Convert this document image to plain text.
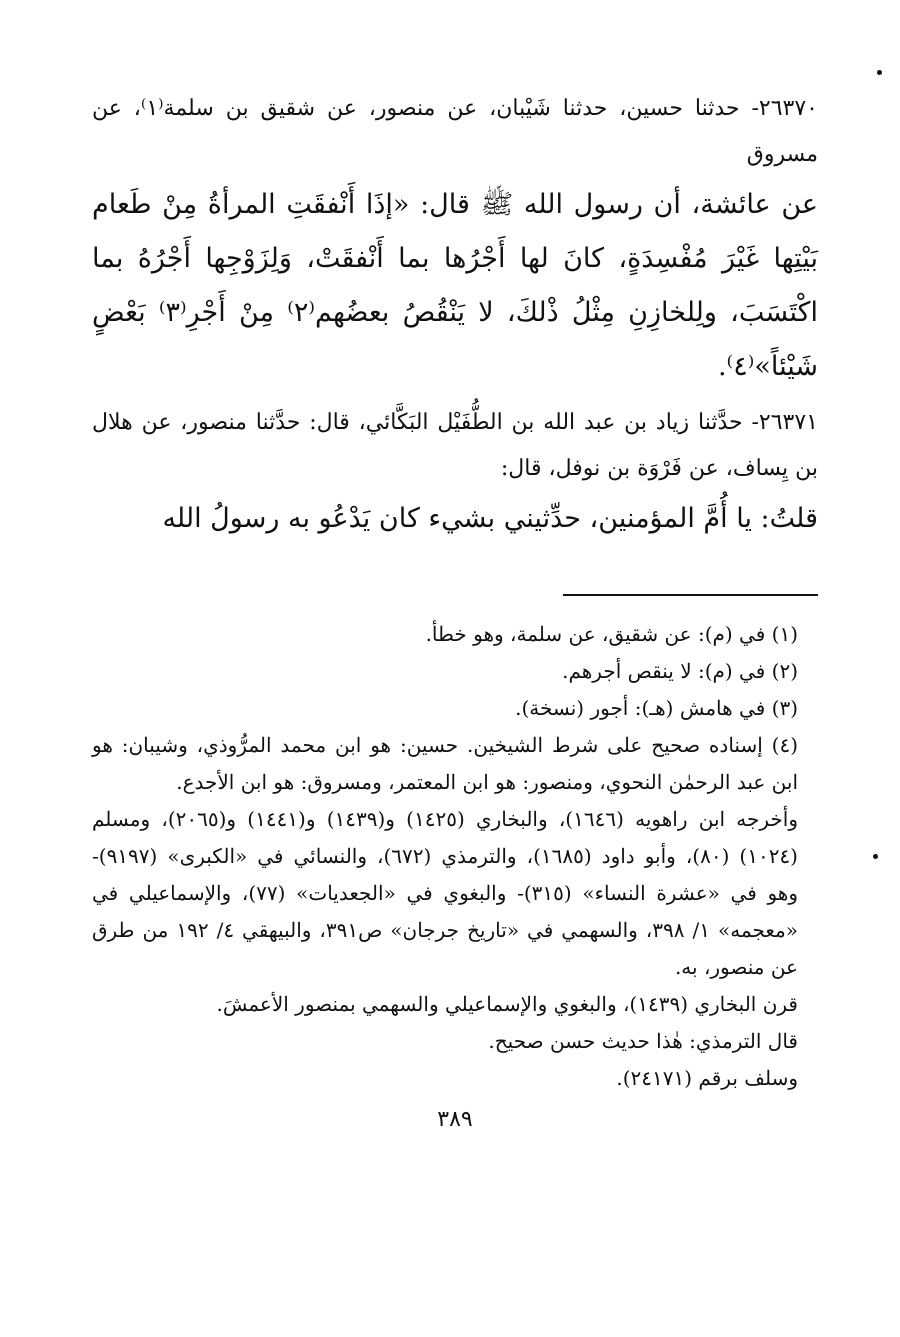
٢٦٣٧٠- حدثنا حسين، حدثنا شَيْبان، عن منصور، عن شقيق بن سلمة⁽١⁾، عن مسروق

عن عائشة، أن رسول الله ﷺ قال: «إذَا أَنْفقَتِ المرأةُ مِنْ طَعام بَيْتِها غَيْرَ مُفْسِدَةٍ، كانَ لها أَجْرُها بما أَنْفقَتْ، وَلِزَوْجِها أَجْرُهُ بما اكْتَسَبَ، ولِلخازِنِ مِثْلُ ذْلكَ، لا يَنْقُصُ بعضُهم⁽٢⁾ مِنْ أَجْرِ⁽٣⁾ بَعْضٍ شَيْئاً»⁽٤⁾.

٢٦٣٧١- حدَّثنا زياد بن عبد الله بن الطُّفَيْل البَكَّائي، قال: حدَّثنا منصور، عن هلال بن يِساف، عن فَرْوَة بن نوفل، قال:

قلتُ: يا أُمَّ المؤمنين، حدِّثيني بشيء كان يَدْعُو به رسولُ الله

(١) في (م): عن شقيق، عن سلمة، وهو خطأ.

(٢) في (م): لا ينقص أجرهم.

(٣) في هامش (هـ): أجور (نسخة).

(٤) إسناده صحيح على شرط الشيخين. حسين: هو ابن محمد المرُّوذي، وشيبان: هو ابن عبد الرحمٰن النحوي، ومنصور: هو ابن المعتمر، ومسروق: هو ابن الأجدع.

وأخرجه ابن راهويه (١٦٤٦)، والبخاري (١٤٢٥) و(١٤٣٩) و(١٤٤١) و(٢٠٦٥)، ومسلم (١٠٢٤) (٨٠)، وأبو داود (١٦٨٥)، والترمذي (٦٧٢)، والنسائي في «الكبرى» (٩١٩٧)- وهو في «عشرة النساء» (٣١٥)- والبغوي في «الجعديات» (٧٧)، والإسماعيلي في «معجمه» ١/ ٣٩٨، والسهمي في «تاريخ جرجان» ص٣٩١، والبيهقي ٤/ ١٩٢ من طرق عن منصور، به.

قرن البخاري (١٤٣٩)، والبغوي والإسماعيلي والسهمي بمنصور الأعمشَ.

قال الترمذي: هٰذا حديث حسن صحيح.

وسلف برقم (٢٤١٧١).

٣٨٩
